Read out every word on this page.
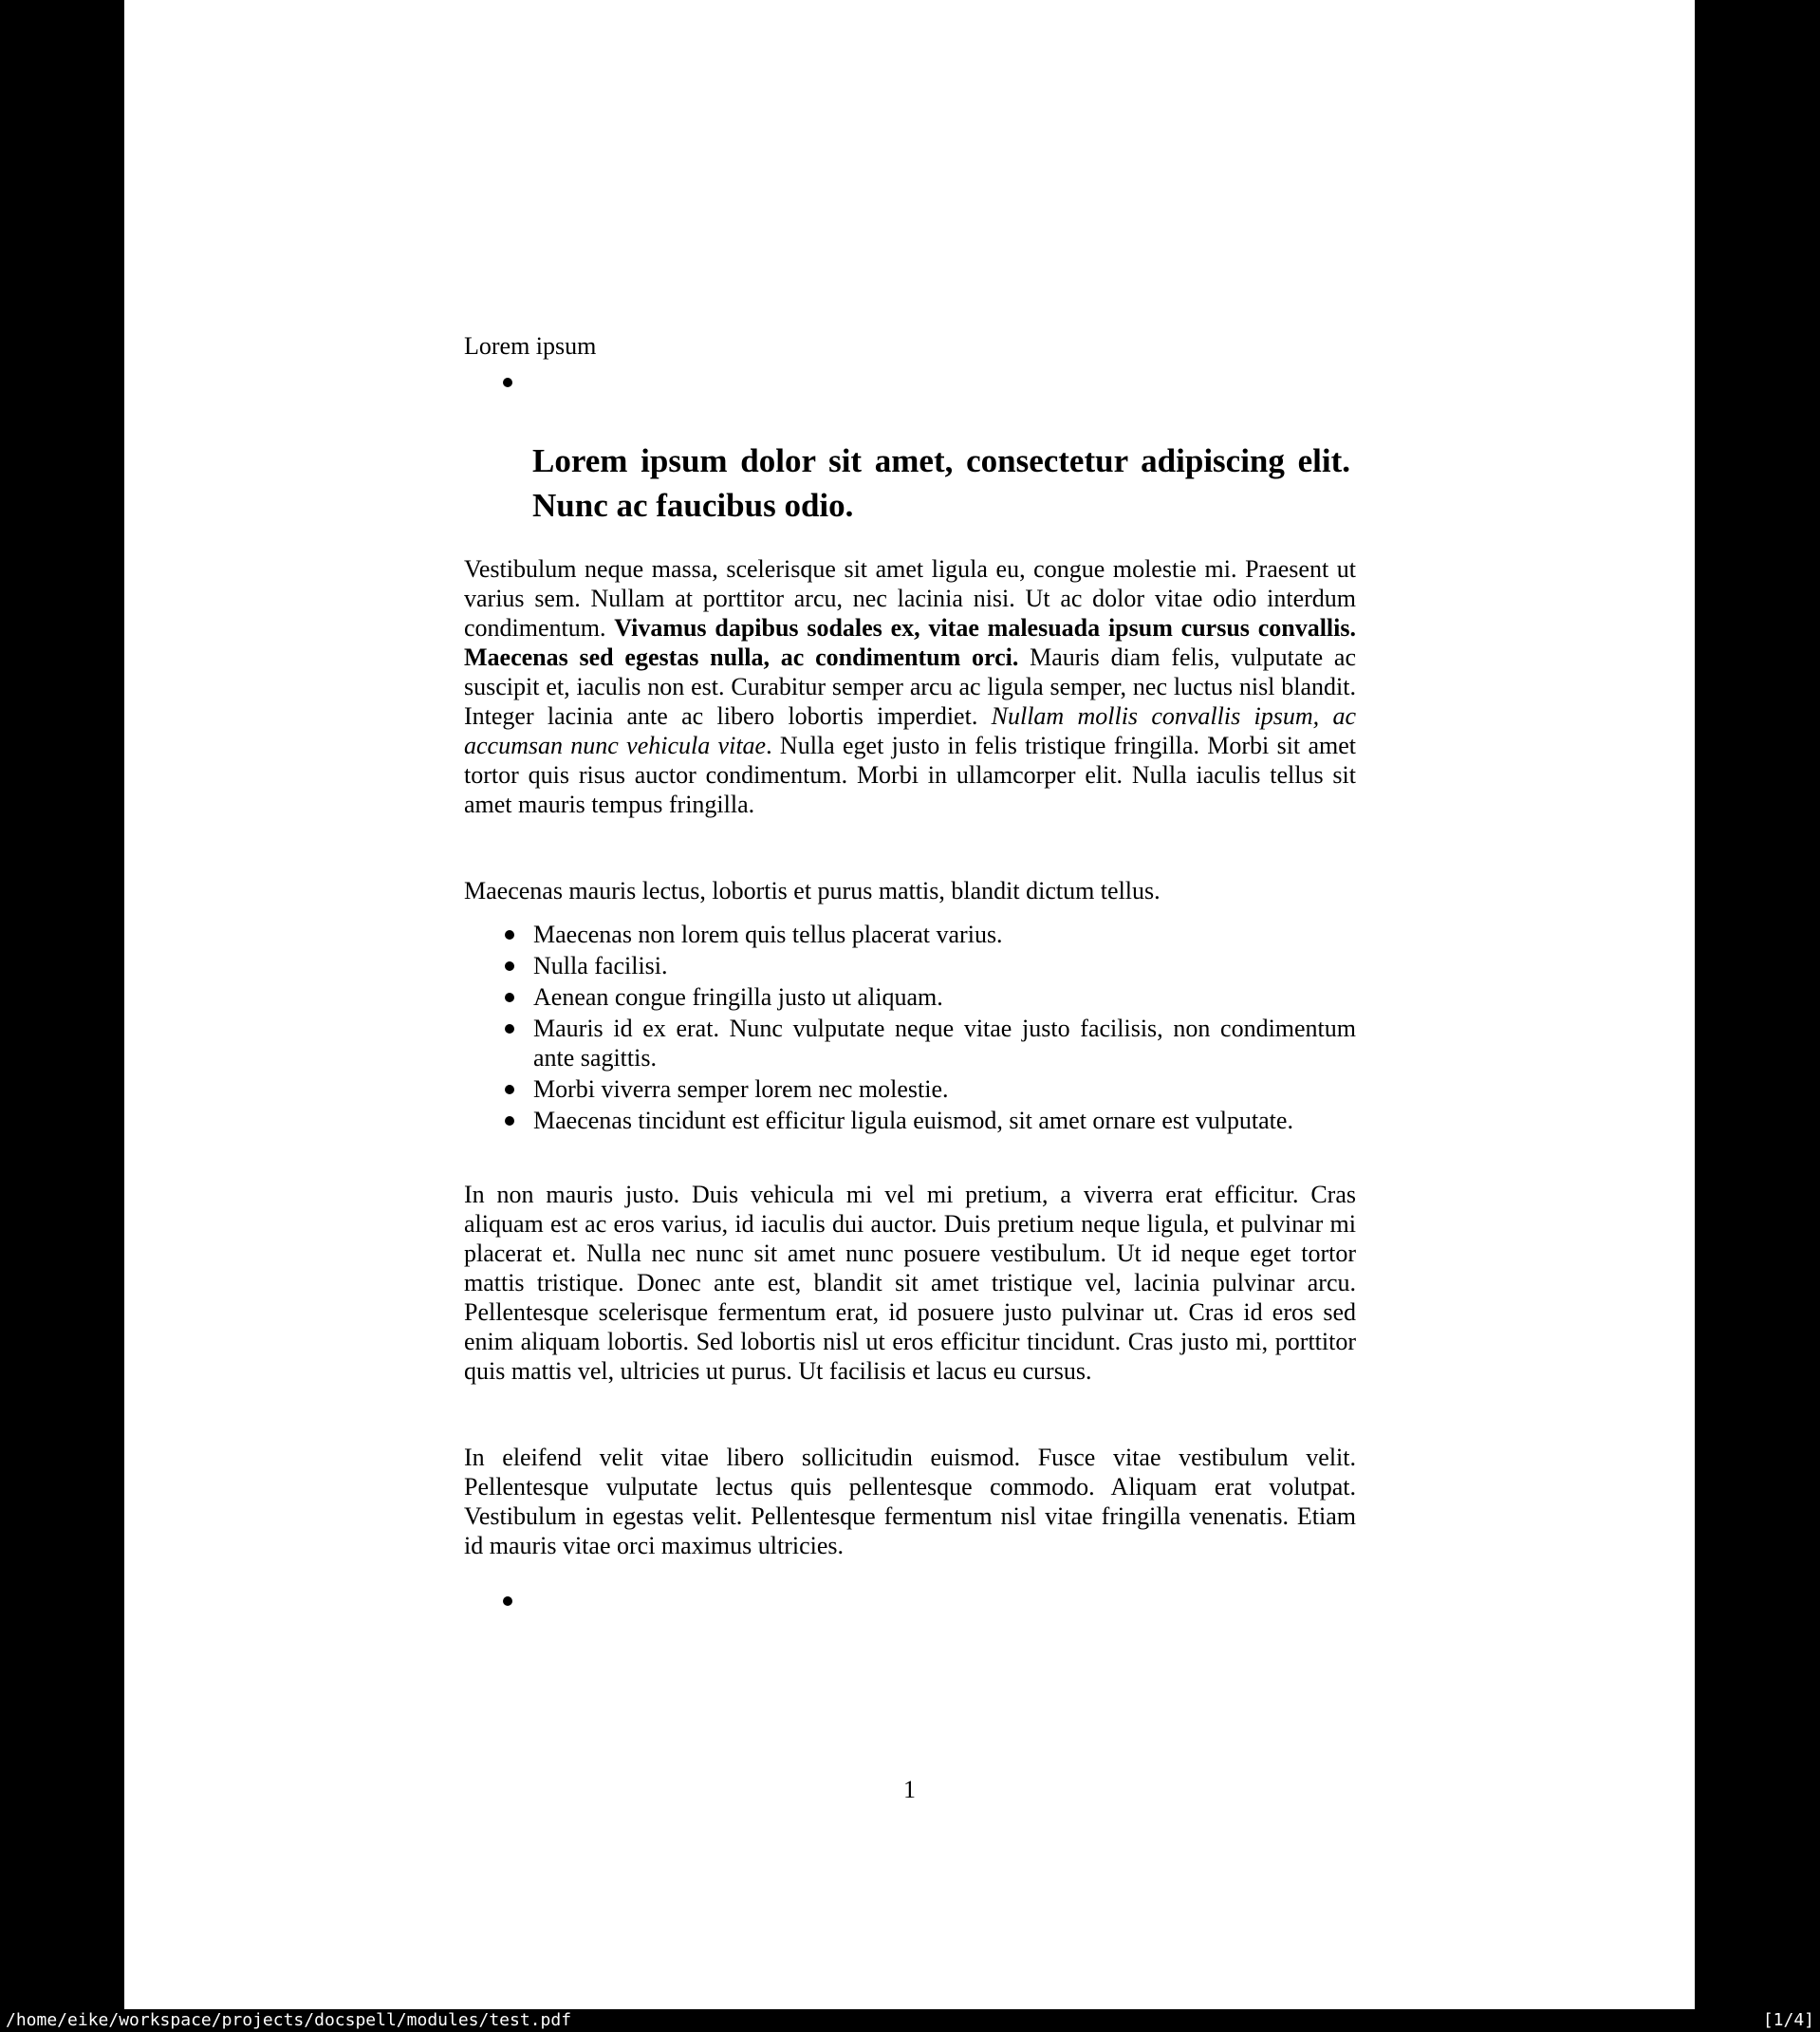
Lorem ipsum
Lorem ipsum dolor sit amet, consectetur adipiscing elit. Nunc ac faucibus odio.
Vestibulum neque massa, scelerisque sit amet ligula eu, congue molestie mi. Praesent ut varius sem. Nullam at porttitor arcu, nec lacinia nisi. Ut ac dolor vitae odio interdum condimentum. Vivamus dapibus sodales ex, vitae malesuada ipsum cursus convallis. Maecenas sed egestas nulla, ac condimentum orci. Mauris diam felis, vulputate ac suscipit et, iaculis non est. Curabitur semper arcu ac ligula semper, nec luctus nisl blandit. Integer lacinia ante ac libero lobortis imperdiet. Nullam mollis convallis ipsum, ac accumsan nunc vehicula vitae. Nulla eget justo in felis tristique fringilla. Morbi sit amet tortor quis risus auctor condimentum. Morbi in ullamcorper elit. Nulla iaculis tellus sit amet mauris tempus fringilla.
Maecenas mauris lectus, lobortis et purus mattis, blandit dictum tellus.
Maecenas non lorem quis tellus placerat varius.
Nulla facilisi.
Aenean congue fringilla justo ut aliquam.
Mauris id ex erat. Nunc vulputate neque vitae justo facilisis, non condimentum ante sagittis.
Morbi viverra semper lorem nec molestie.
Maecenas tincidunt est efficitur ligula euismod, sit amet ornare est vulputate.
In non mauris justo. Duis vehicula mi vel mi pretium, a viverra erat efficitur. Cras aliquam est ac eros varius, id iaculis dui auctor. Duis pretium neque ligula, et pulvinar mi placerat et. Nulla nec nunc sit amet nunc posuere vestibulum. Ut id neque eget tortor mattis tristique. Donec ante est, blandit sit amet tristique vel, lacinia pulvinar arcu. Pellentesque scelerisque fermentum erat, id posuere justo pulvinar ut. Cras id eros sed enim aliquam lobortis. Sed lobortis nisl ut eros efficitur tincidunt. Cras justo mi, porttitor quis mattis vel, ultricies ut purus. Ut facilisis et lacus eu cursus.
In eleifend velit vitae libero sollicitudin euismod. Fusce vitae vestibulum velit. Pellentesque vulputate lectus quis pellentesque commodo. Aliquam erat volutpat. Vestibulum in egestas velit. Pellentesque fermentum nisl vitae fringilla venenatis. Etiam id mauris vitae orci maximus ultricies.
1
/home/eike/workspace/projects/docspell/modules/test.pdf	[1/4]
